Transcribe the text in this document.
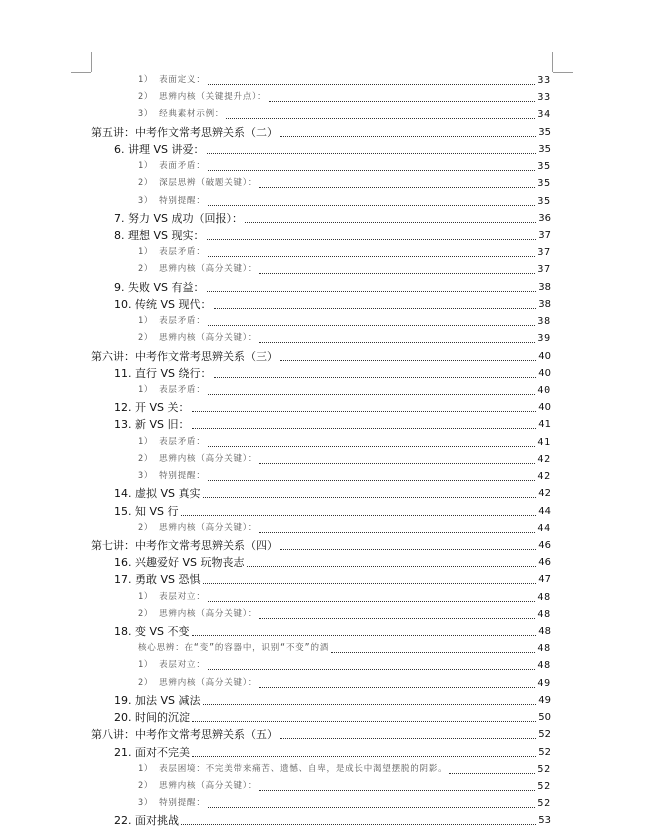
1） 表面定义：	33
2） 思辨内核（关键提升点）：	33
3） 经典素材示例：	34
第五讲：中考作文常考思辨关系（二）	35
6. 讲理 VS 讲爱：	35
1） 表面矛盾：	35
2） 深层思辨（破题关键）：	35
3） 特别提醒：	35
7. 努力 VS 成功（回报）：	36
8. 理想 VS 现实：	37
1） 表层矛盾：	37
2） 思辨内核（高分关键）：	37
9. 失败 VS 有益：	38
10. 传统 VS 现代：	38
1） 表层矛盾：	38
2） 思辨内核（高分关键）：	39
第六讲：中考作文常考思辨关系（三）	40
11. 直行 VS 绕行：	40
1） 表层矛盾：	40
12. 开 VS 关：	40
13. 新 VS 旧：	41
1） 表层矛盾：	41
2） 思辨内核（高分关键）：	42
3） 特别提醒：	42
14. 虚拟 VS 真实	42
15. 知 VS 行	44
2） 思辨内核（高分关键）：	44
第七讲：中考作文常考思辨关系（四）	46
16. 兴趣爱好 VS 玩物丧志	46
17. 勇敢 VS 恐惧	47
1） 表层对立：	48
2） 思辨内核（高分关键）：	48
18. 变 VS 不变	48
核心思辨：在“变”的容器中，识别“不变”的酒	48
1） 表层对立：	48
2） 思辨内核（高分关键）：	49
19. 加法 VS 减法	49
20. 时间的沉淀	50
第八讲：中考作文常考思辨关系（五）	52
21. 面对不完美	52
1） 表层困境：不完美带来痛苦、遗憾、自卑，是成长中渴望摆脱的阴影。	52
2） 思辨内核（高分关键）：	52
3） 特别提醒：	52
22. 面对挑战	53
